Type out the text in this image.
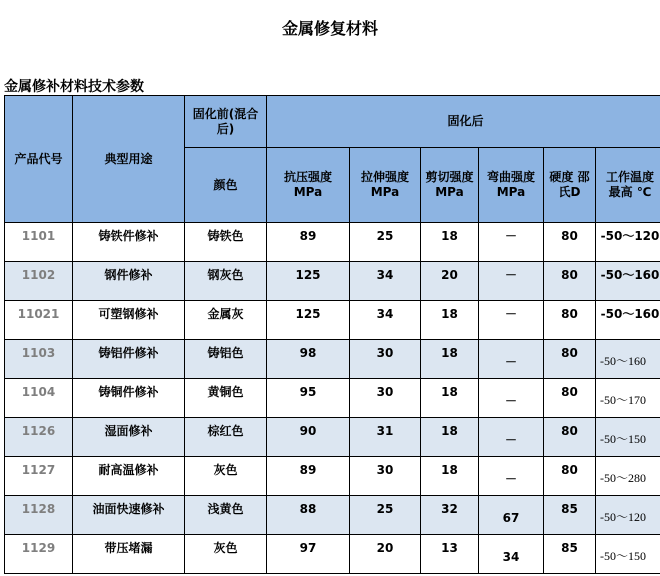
金属修复材料
金属修补材料技术参数
产品代号	典型用途	固化前(混合后)	固化后					
		颜色	抗压强度 MPa	拉伸强度 MPa	剪切强度 MPa	弯曲强度 MPa	硬度 邵氏D	工作温度 最高 ℃
1101	铸铁件修补	铸铁色	89	25	18	－	80	-50～120
1102	钢件修补	钢灰色	125	34	20	－	80	-50～160
11021	可塑钢修补	金属灰	125	34	18	－	80	-50～160
1103	铸铝件修补	铸铝色	98	30	18	－	80	-50～160
1104	铸铜件修补	黄铜色	95	30	18	－	80	-50～170
1126	湿面修补	棕红色	90	31	18	－	80	-50～150
1127	耐高温修补	灰色	89	30	18	－	80	-50～280
1128	油面快速修补	浅黄色	88	25	32	67	85	-50～120
1129	带压堵漏	灰色	97	20	13	34	85	-50～150
